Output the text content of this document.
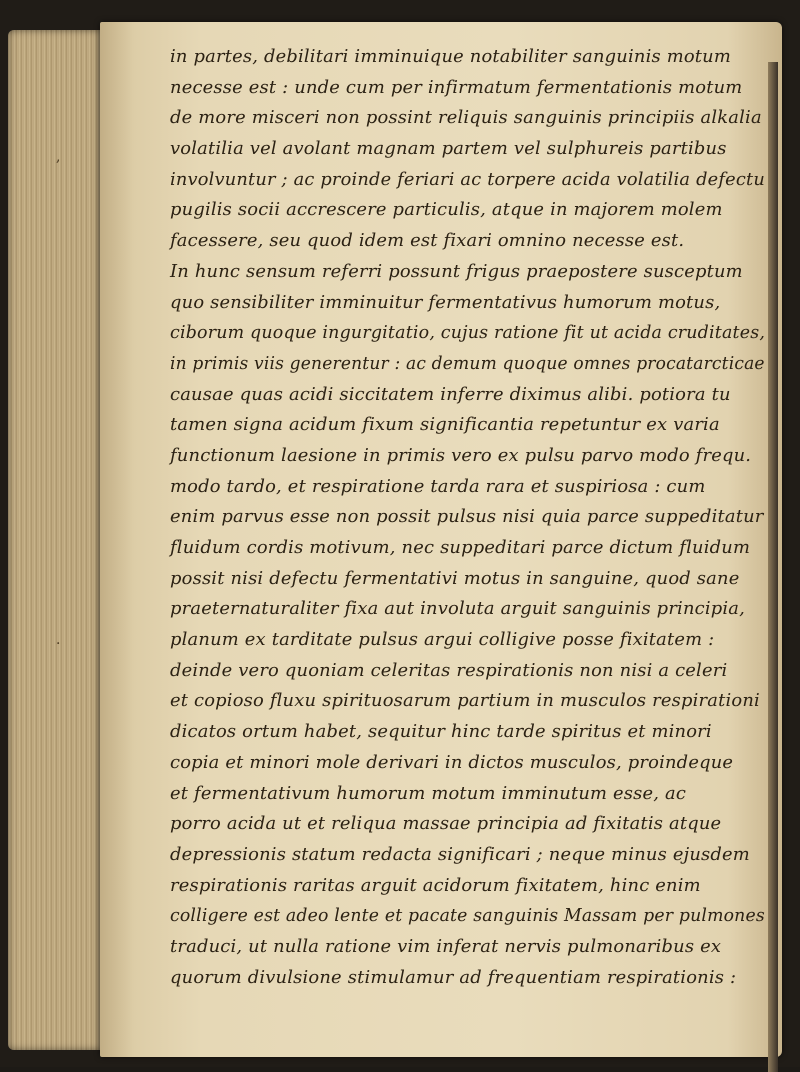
,
·
in partes, debilitari imminuique notabiliter sanguinis motum
necesse est : unde cum per infirmatum fermentationis motum
de more misceri non possint reliquis sanguinis principiis alkalia
volatilia vel avolant magnam partem vel sulphureis partibus
involvuntur ; ac proinde feriari ac torpere acida volatilia defectu
pugilis socii accrescere particulis, atque in majorem molem
facessere, seu quod idem est fixari omnino necesse est.
In hunc sensum referri possunt frigus praepostere susceptum
quo sensibiliter imminuitur fermentativus humorum motus,
ciborum quoque ingurgitatio, cujus ratione fit ut acida cruditates,
in primis viis generentur : ac demum quoque omnes procatarcticae
causae quas acidi siccitatem inferre diximus alibi. potiora tu
tamen signa acidum fixum significantia repetuntur ex varia
functionum laesione in primis vero ex pulsu parvo modo frequ.
modo tardo, et respiratione tarda rara et suspiriosa : cum
enim parvus esse non possit pulsus nisi quia parce suppeditatur
fluidum cordis motivum, nec suppeditari parce dictum fluidum
possit nisi defectu fermentativi motus in sanguine, quod sane
praeternaturaliter fixa aut involuta arguit sanguinis principia,
planum ex tarditate pulsus argui colligive posse fixitatem :
deinde vero quoniam celeritas respirationis non nisi a celeri
et copioso fluxu spirituosarum partium in musculos respirationi
dicatos ortum habet, sequitur hinc tarde spiritus et minori
copia et minori mole derivari in dictos musculos, proindeque
et fermentativum humorum motum imminutum esse, ac
porro acida ut et reliqua massae principia ad fixitatis atque
depressionis statum redacta significari ; neque minus ejusdem
respirationis raritas arguit acidorum fixitatem, hinc enim
colligere est adeo lente et pacate sanguinis Massam per pulmones
traduci, ut nulla ratione vim inferat nervis pulmonaribus ex
quorum divulsione stimulamur ad frequentiam respirationis :
